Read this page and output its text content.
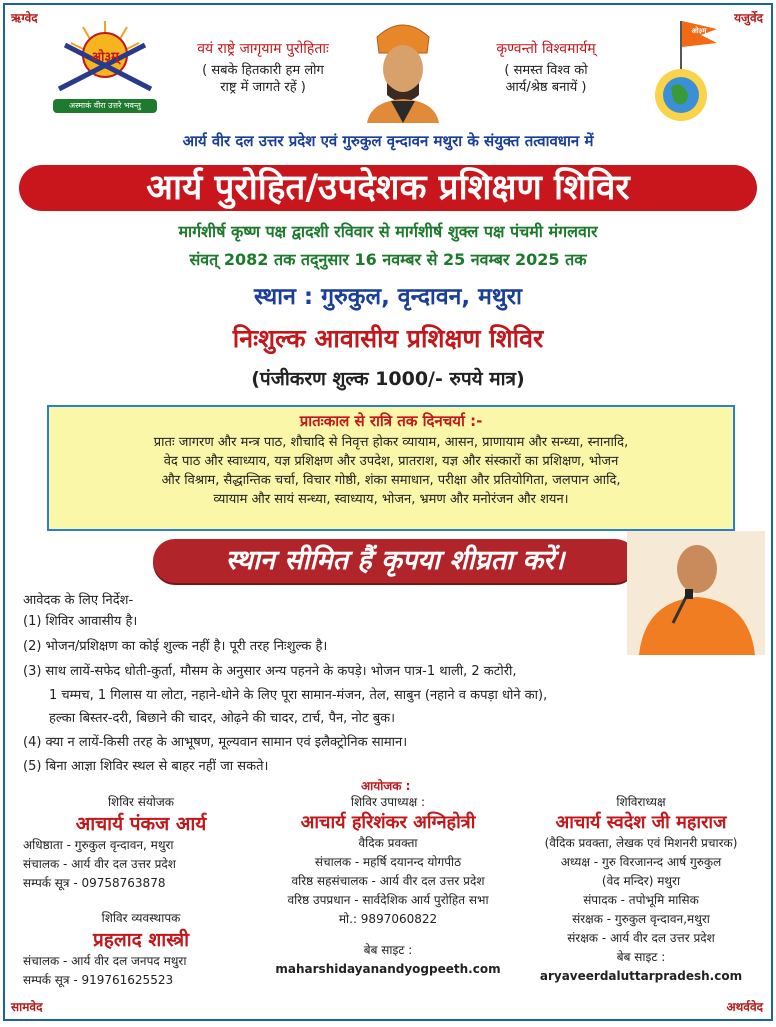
ऋग्वेद	यजुर्वेद
सामवेद	अथर्ववेद
ओ३म्
अस्माकं वीरा उत्तरे भवन्तु
वयं राष्ट्रे जागृयाम पुरोहिताः
( सबके हितकारी हम लोग
राष्ट्र में जागते रहें )
कृण्वन्तो विश्वमार्यम्
( समस्त विश्व को
आर्य/श्रेष्ठ बनायें )
ओ३म्
आर्य वीर दल उत्तर प्रदेश एवं गुरुकुल वृन्दावन मथुरा के संयुक्त तत्वावधान में
आर्य पुरोहित/उपदेशक प्रशिक्षण शिविर
मार्गशीर्ष कृष्ण पक्ष द्वादशी रविवार से मार्गशीर्ष शुक्ल पक्ष पंचमी मंगलवार
संवत् 2082 तक तद्नुसार 16 नवम्बर से 25 नवम्बर 2025 तक
स्थान : गुरुकुल, वृन्दावन, मथुरा
निःशुल्क आवासीय प्रशिक्षण शिविर
(पंजीकरण शुल्क 1000/- रुपये मात्र)
प्रातःकाल से रात्रि तक दिनचर्या :-
प्रातः जागरण और मन्त्र पाठ, शौचादि से निवृत्त होकर व्यायाम, आसन, प्राणायाम और सन्ध्या, स्नानादि,
वेद पाठ और स्वाध्याय, यज्ञ प्रशिक्षण और उपदेश, प्रातराश, यज्ञ और संस्कारों का प्रशिक्षण, भोजन
और विश्राम, सैद्धान्तिक चर्चा, विचार गोष्ठी, शंका समाधान, परीक्षा और प्रतियोगिता, जलपान आदि,
व्यायाम और सायं सन्ध्या, स्वाध्याय, भोजन, भ्रमण और मनोरंजन और शयन।
स्थान सीमित हैं कृपया शीघ्रता करें।
आवेदक के लिए निर्देश-
(1) शिविर आवासीय है।
(2) भोजन/प्रशिक्षण का कोई शुल्क नहीं है। पूरी तरह निःशुल्क है।
(3) साथ लायें-सफेद धोती-कुर्ता, मौसम के अनुसार अन्य पहनने के कपड़े। भोजन पात्र-1 थाली, 2 कटोरी,
1 चम्मच, 1 गिलास या लोटा, नहाने-धोने के लिए पूरा सामान-मंजन, तेल, साबुन (नहाने व कपड़ा धोने का),
हल्का बिस्तर-दरी, बिछाने की चादर, ओढ़ने की चादर, टार्च, पैन, नोट बुक।
(4) क्या न लायें-किसी तरह के आभूषण, मूल्यवान सामान एवं इलैक्ट्रोनिक सामान।
(5) बिना आज्ञा शिविर स्थल से बाहर नहीं जा सकते।
आयोजक :
शिविर संयोजक
आचार्य पंकज आर्य
अधिष्ठाता - गुरुकुल वृन्दावन, मथुरा
संचालक - आर्य वीर दल उत्तर प्रदेश
सम्पर्क सूत्र - 09758763878
शिविर व्यवस्थापक
प्रहलाद शास्त्री
संचालक - आर्य वीर दल जनपद मथुरा
सम्पर्क सूत्र - 919761625523
शिविर उपाध्यक्ष :
आचार्य हरिशंकर अग्निहोत्री
वैदिक प्रवक्ता
संचालक - महर्षि दयानन्द योगपीठ
वरिष्ठ सहसंचालक - आर्य वीर दल उत्तर प्रदेश
वरिष्ठ उपप्रधान - सार्वदेशिक आर्य पुरोहित सभा
मो.: 9897060822
बेब साइट :
maharshidayanandyogpeeth.com
शिविराध्यक्ष
आचार्य स्वदेश जी महाराज
(वैदिक प्रवक्ता, लेखक एवं मिशनरी प्रचारक)
अध्यक्ष - गुरु विरजानन्द आर्ष गुरुकुल
(वेद मन्दिर) मथुरा
संपादक - तपोभूमि मासिक
संरक्षक - गुरुकुल वृन्दावन,मथुरा
संरक्षक - आर्य वीर दल उत्तर प्रदेश
बेब साइट :
aryaveerdaluttarpradesh.com
